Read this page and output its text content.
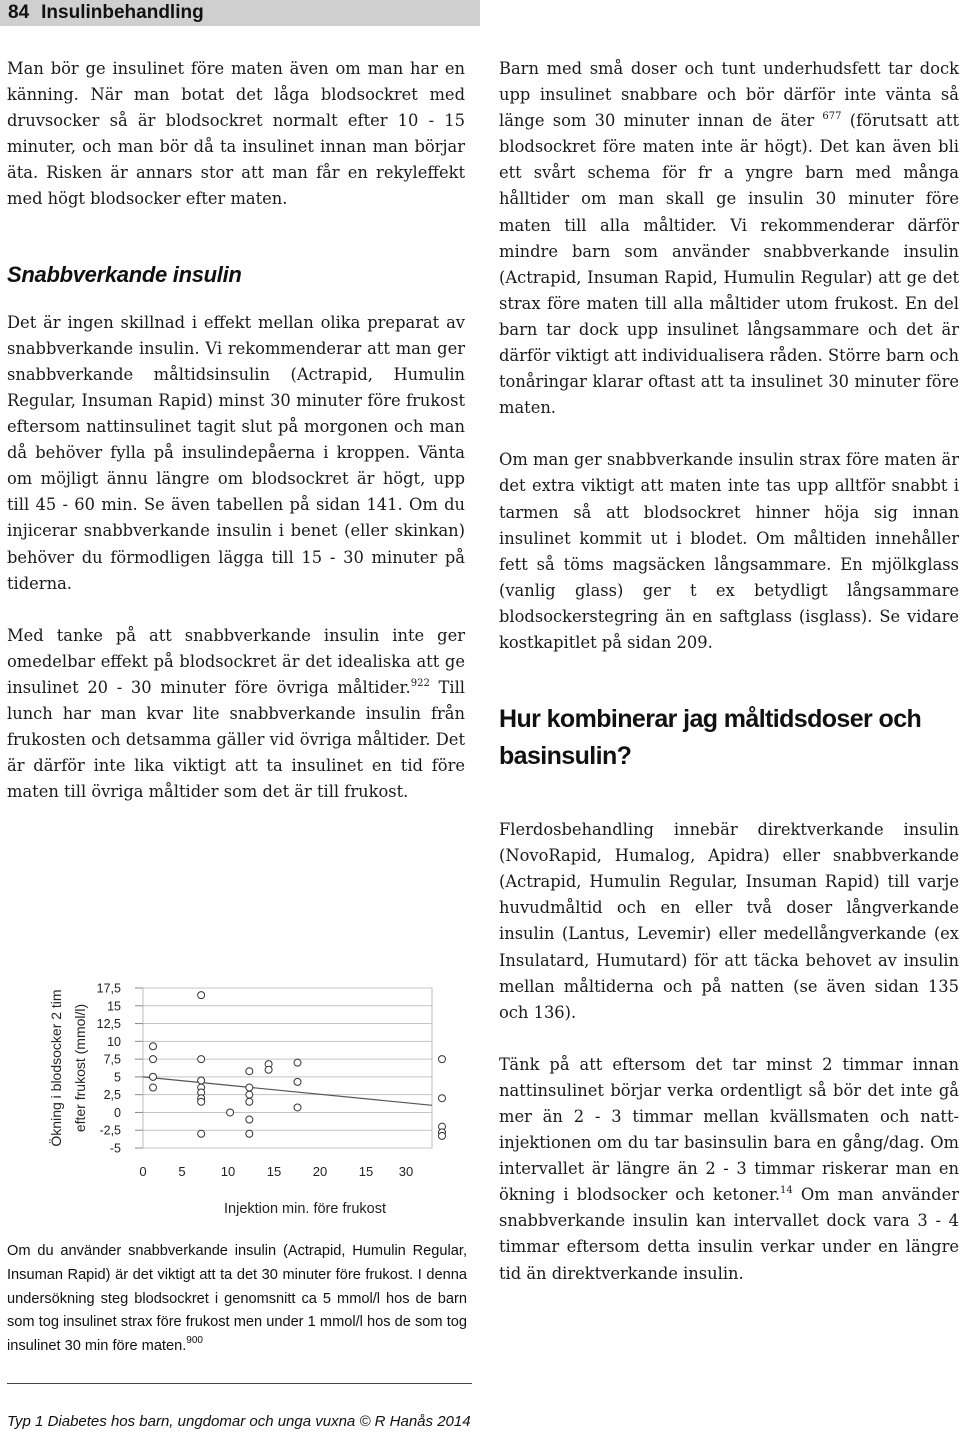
84 Insulinbehandling

Man bör ge insulinet före maten även om man har en känning. När man botat det låga blodsockret med druvsocker så är blodsockret normalt efter 10 - 15 minuter, och man bör då ta insulinet innan man börjar äta. Risken är annars stor att man får en rekyleffekt med högt blodsocker efter maten.

Snabbverkande insulin

Det är ingen skillnad i effekt mellan olika preparat av snabbverkande insulin. Vi rekommenderar att man ger snabbverkande måltidsinsulin (Actrapid, Humulin Regular, Insuman Rapid) minst 30 minuter före frukost eftersom nattinsulinet tagit slut på morgonen och man då behöver fylla på insulindepåerna i kroppen. Vänta om möjligt ännu längre om blodsockret är högt, upp till 45 - 60 min. Se även tabellen på sidan 141. Om du injicerar snabbverkande insulin i benet (eller skinkan) behöver du förmodligen lägga till 15 - 30 minuter på tiderna.

Med tanke på att snabbverkande insulin inte ger omedelbar effekt på blodsockret är det idealiska att ge insulinet 20 - 30 minuter före övriga måltider.$^{922}$ Till lunch har man kvar lite snabbverkande insulin från frukosten och detsamma gäller vid övriga måltider. Det är därför inte lika viktigt att ta insulinet en tid före maten till övriga måltider som det är till frukost.

17,5
15
12,5
10
7,5
5
2,5
0
-2,5
-5
0 5	10 15 20 15 30
Injektion min. före frukost
Ökning i blodsocker 2 tim efter frukost (mmol/l)

Om du använder snabbverkande insulin (Actrapid, Humulin Regular, Insuman Rapid) är det viktigt att ta det 30 minuter före frukost. I denna undersökning steg blodsockret i genomsnitt ca 5 mmol/l hos de barn som tog insulinet strax före frukost men under 1 mmol/l hos de som tog insulinet 30 min före maten.$^{900}$

Typ 1 Diabetes hos barn, ungdomar och unga vuxna © R Hanås 2014

Barn med små doser och tunt underhudsfett tar dock upp insulinet snabbare och bör därför inte vänta så länge som 30 minuter innan de äter $^{677}$ (förutsatt att blodsockret före maten inte är högt). Det kan även bli ett svårt schema för fr a yngre barn med många hålltider om man skall ge insulin 30 minuter före maten till alla måltider. Vi rekommenderar därför mindre barn som använder snabbverkande insulin (Actrapid, Insuman Rapid, Humulin Regular) att ge det strax före maten till alla måltider utom frukost. En del barn tar dock upp insulinet långsammare och det är därför viktigt att individualisera råden. Större barn och tonåringar klarar oftast att ta insulinet 30 minuter före maten.

Om man ger snabbverkande insulin strax före maten är det extra viktigt att maten inte tas upp alltför snabbt i tarmen så att blodsockret hinner höja sig innan insulinet kommit ut i blodet. Om måltiden innehåller fett så töms magsäcken långsammare. En mjölkglass (vanlig glass) ger t ex betydligt långsammare blodsockerstegring än en saftglass (isglass). Se vidare kostkapitlet på sidan 209.

Hur kombinerar jag måltidsdoser och basinsulin?

Flerdosbehandling innebär direktverkande insulin (NovoRapid, Humalog, Apidra) eller snabbverkande (Actrapid, Humulin Regular, Insuman Rapid) till varje huvudmåltid och en eller två doser långverkande insulin (Lantus, Levemir) eller medellångverkande (ex Insulatard, Humutard) för att täcka behovet av insulin mellan måltiderna och på natten (se även sidan 135 och 136).

Tänk på att eftersom det tar minst 2 timmar innan nattinsulinet börjar verka ordentligt så bör det inte gå mer än 2 - 3 timmar mellan kvällsmaten och natt-injektionen om du tar basinsulin bara en gång/dag. Om intervallet är längre än 2 - 3 timmar riskerar man en ökning i blodsocker och ketoner.$^{14}$ Om man använder snabbverkande insulin kan intervallet dock vara 3 - 4 timmar eftersom detta insulin verkar under en längre tid än direktverkande insulin.
